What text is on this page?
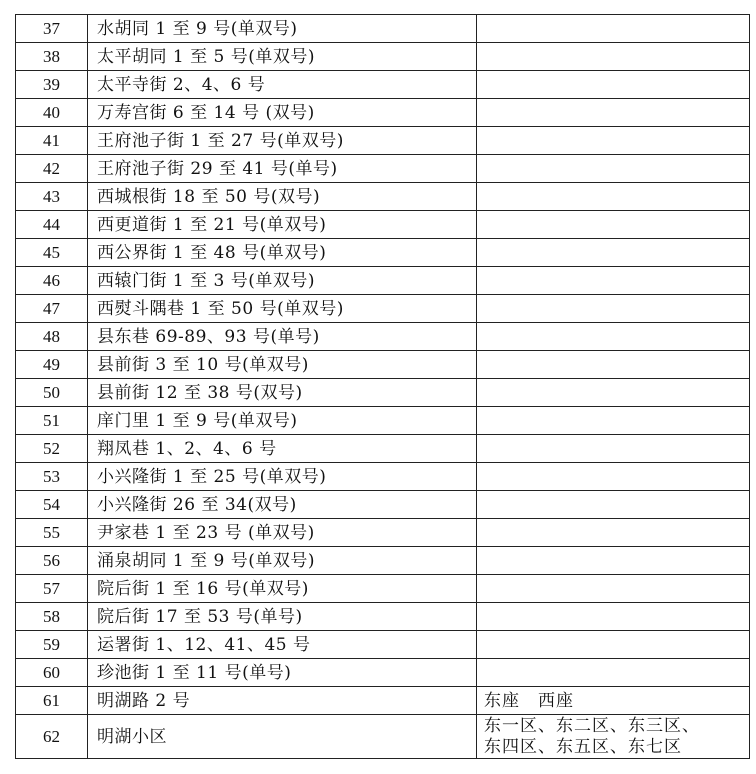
37	水胡同 1 至 9 号(单双号)	
38	太平胡同 1 至 5 号(单双号)	
39	太平寺街 2、4、6 号	
40	万寿宫街 6 至 14 号 (双号)	
41	王府池子街 1 至 27 号(单双号)	
42	王府池子街 29 至 41 号(单号)	
43	西城根街 18 至 50 号(双号)	
44	西更道街 1 至 21 号(单双号)	
45	西公界街 1 至 48 号(单双号)	
46	西辕门街 1 至 3 号(单双号)	
47	西熨斗隅巷 1 至 50 号(单双号)	
48	县东巷 69-89、93 号(单号)	
49	县前街 3 至 10 号(单双号)	
50	县前街 12 至 38 号(双号)	
51	庠门里 1 至 9 号(单双号)	
52	翔凤巷 1、2、4、6 号	
53	小兴隆街 1 至 25 号(单双号)	
54	小兴隆街 26 至 34(双号)	
55	尹家巷 1 至 23 号 (单双号)	
56	涌泉胡同 1 至 9 号(单双号)	
57	院后街 1 至 16 号(单双号)	
58	院后街 17 至 53 号(单号)	
59	运署街 1、12、41、45 号	
60	珍池街 1 至 11 号(单号)	
61	明湖路 2 号	东座　西座
62	明湖小区	东一区、东二区、东三区、
东四区、东五区、东七区
